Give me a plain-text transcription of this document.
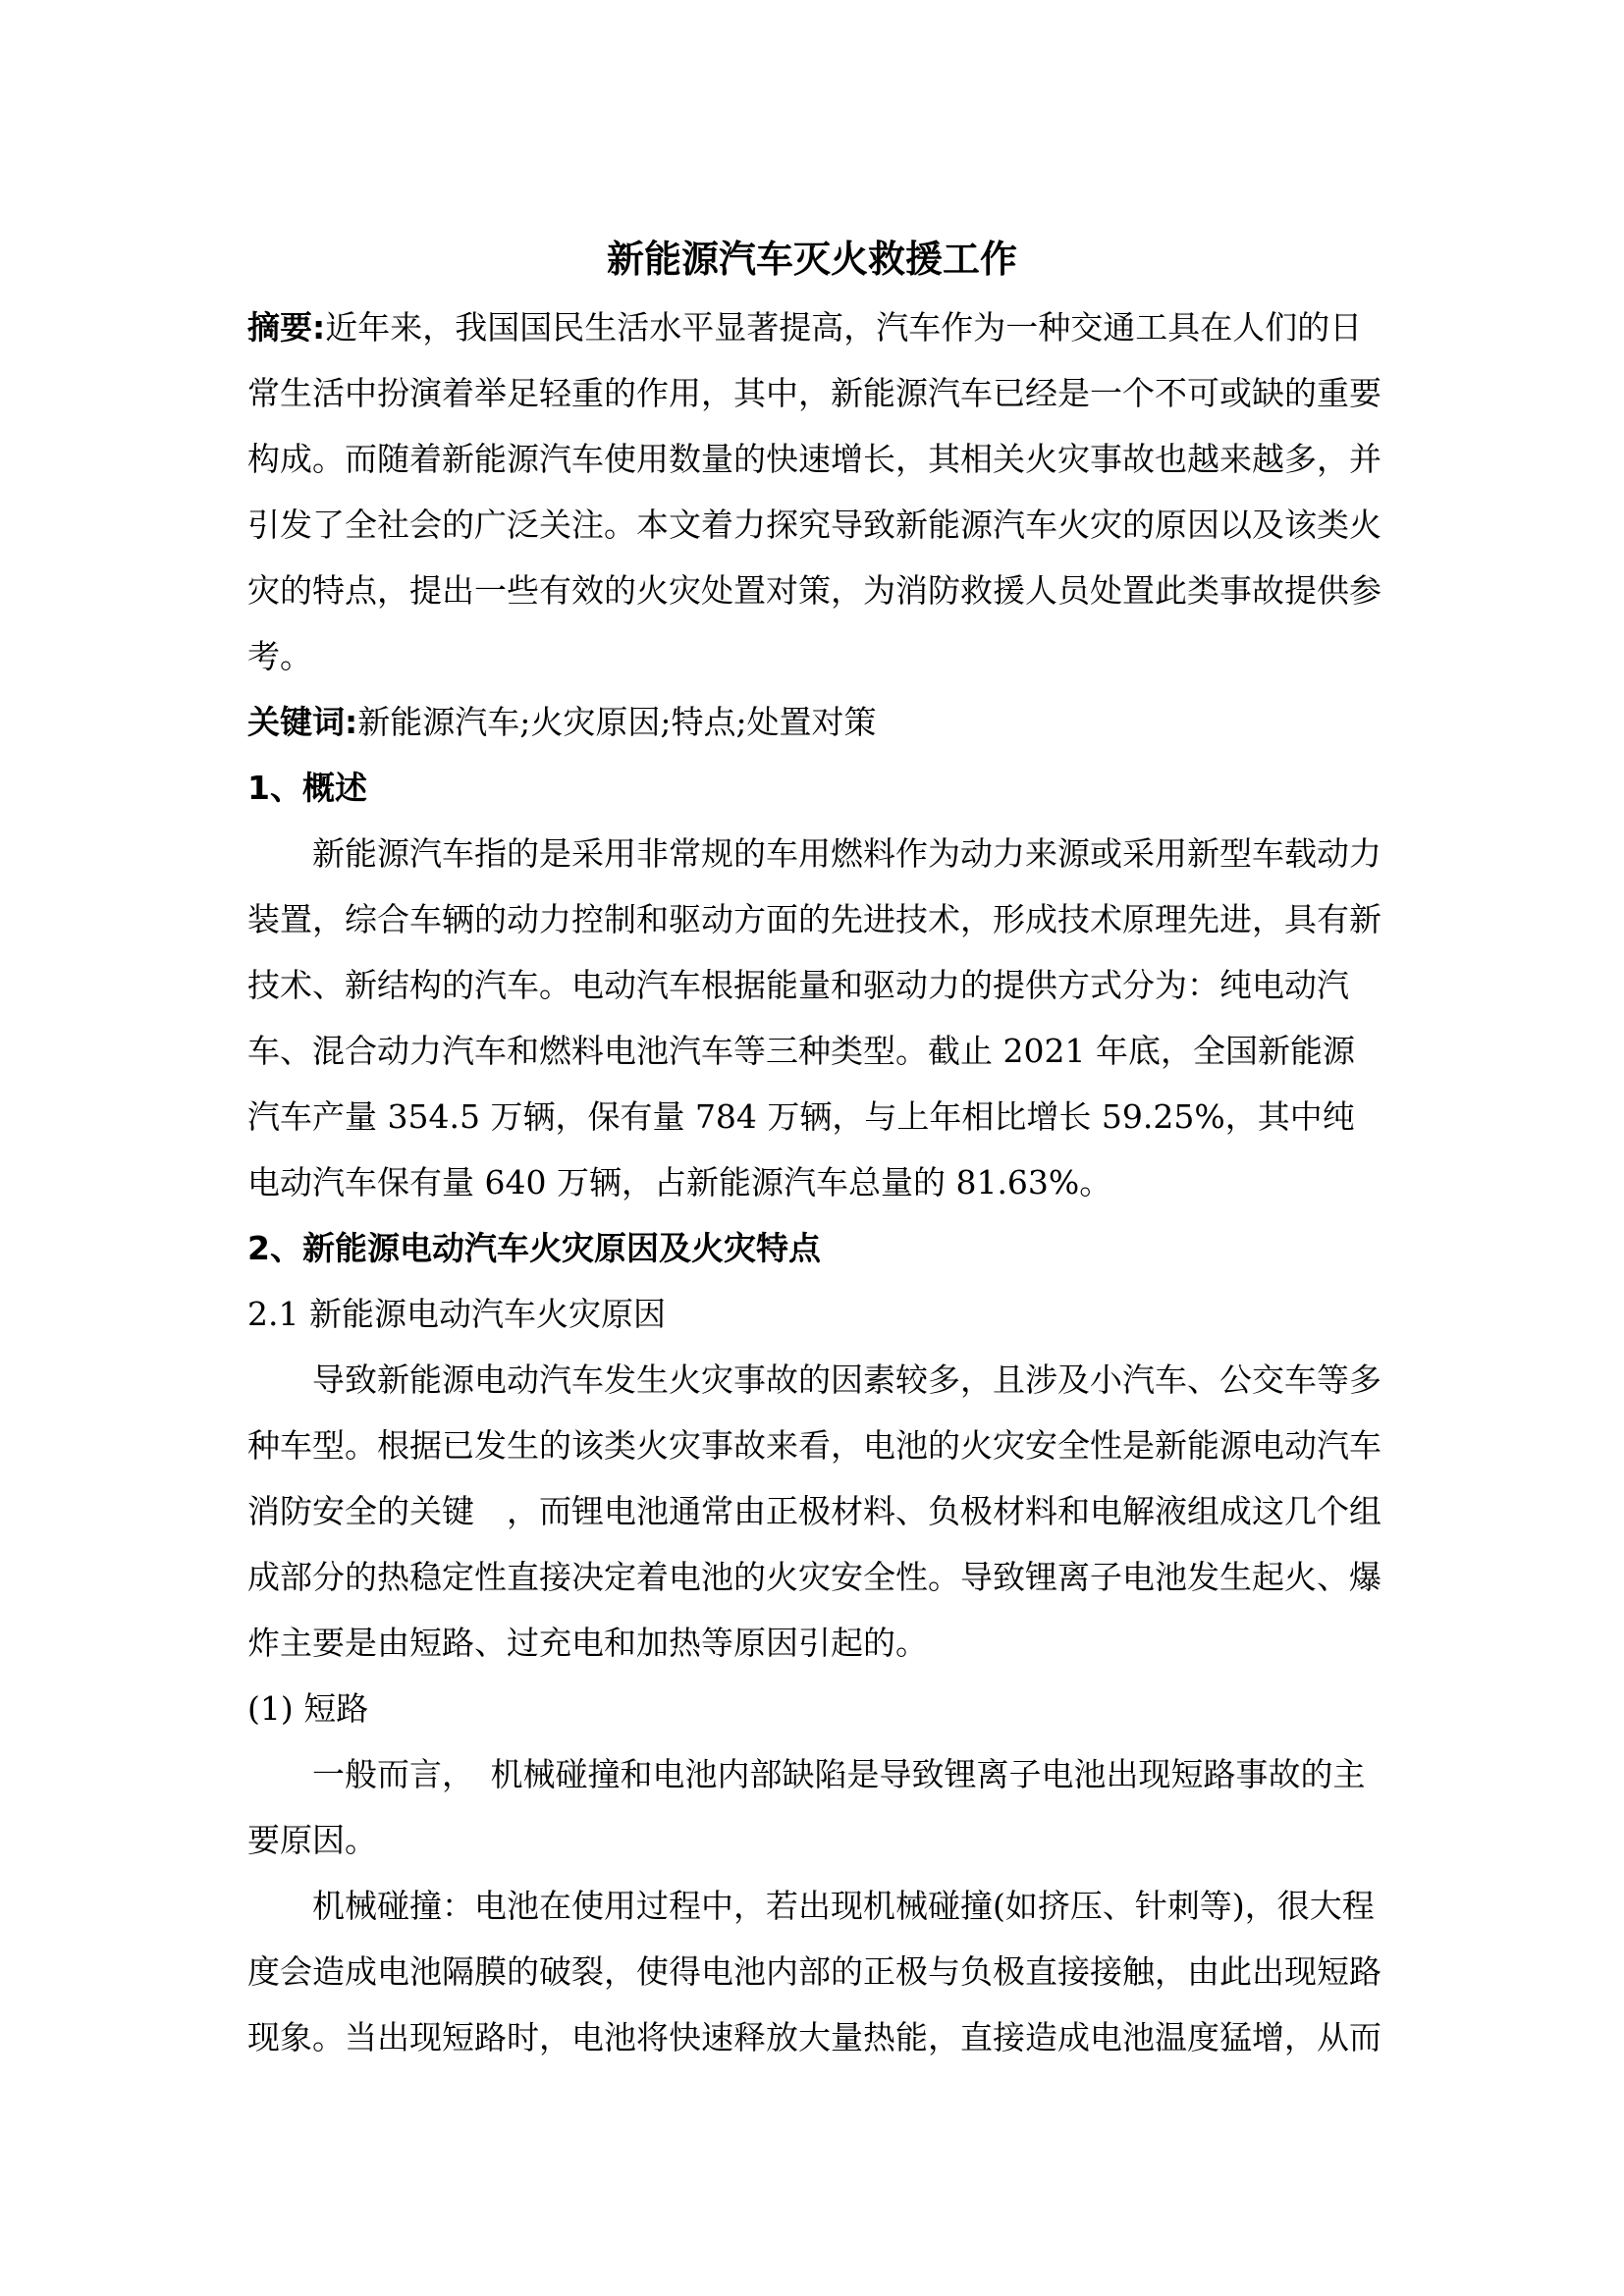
新能源汽车灭火救援工作

摘要:近年来，我国国民生活水平显著提高，汽车作为一种交通工具在人们的日常生活中扮演着举足轻重的作用，其中，新能源汽车已经是一个不可或缺的重要构成。而随着新能源汽车使用数量的快速增长，其相关火灾事故也越来越多，并引发了全社会的广泛关注。本文着力探究导致新能源汽车火灾的原因以及该类火灾的特点，提出一些有效的火灾处置对策，为消防救援人员处置此类事故提供参考。

关键词:新能源汽车;火灾原因;特点;处置对策

1、概述

新能源汽车指的是采用非常规的车用燃料作为动力来源或采用新型车载动力装置，综合车辆的动力控制和驱动方面的先进技术，形成技术原理先进，具有新技术、新结构的汽车。电动汽车根据能量和驱动力的提供方式分为：纯电动汽车、混合动力汽车和燃料电池汽车等三种类型。截止 2021 年底，全国新能源汽车产量 354.5 万辆，保有量 784 万辆，与上年相比增长 59.25%，其中纯电动汽车保有量 640 万辆，占新能源汽车总量的 81.63%。

2、新能源电动汽车火灾原因及火灾特点

2.1 新能源电动汽车火灾原因

导致新能源电动汽车发生火灾事故的因素较多，且涉及小汽车、公交车等多种车型。根据已发生的该类火灾事故来看，电池的火灾安全性是新能源电动汽车消防安全的关键　，而锂电池通常由正极材料、负极材料和电解液组成这几个组成部分的热稳定性直接决定着电池的火灾安全性。导致锂离子电池发生起火、爆炸主要是由短路、过充电和加热等原因引起的。

(1) 短路

一般而言，　机械碰撞和电池内部缺陷是导致锂离子电池出现短路事故的主要原因。

机械碰撞：电池在使用过程中，若出现机械碰撞(如挤压、针刺等)，很大程度会造成电池隔膜的破裂，使得电池内部的正极与负极直接接触，由此出现短路现象。当出现短路时，电池将快速释放大量热能，直接造成电池温度猛增，从而
